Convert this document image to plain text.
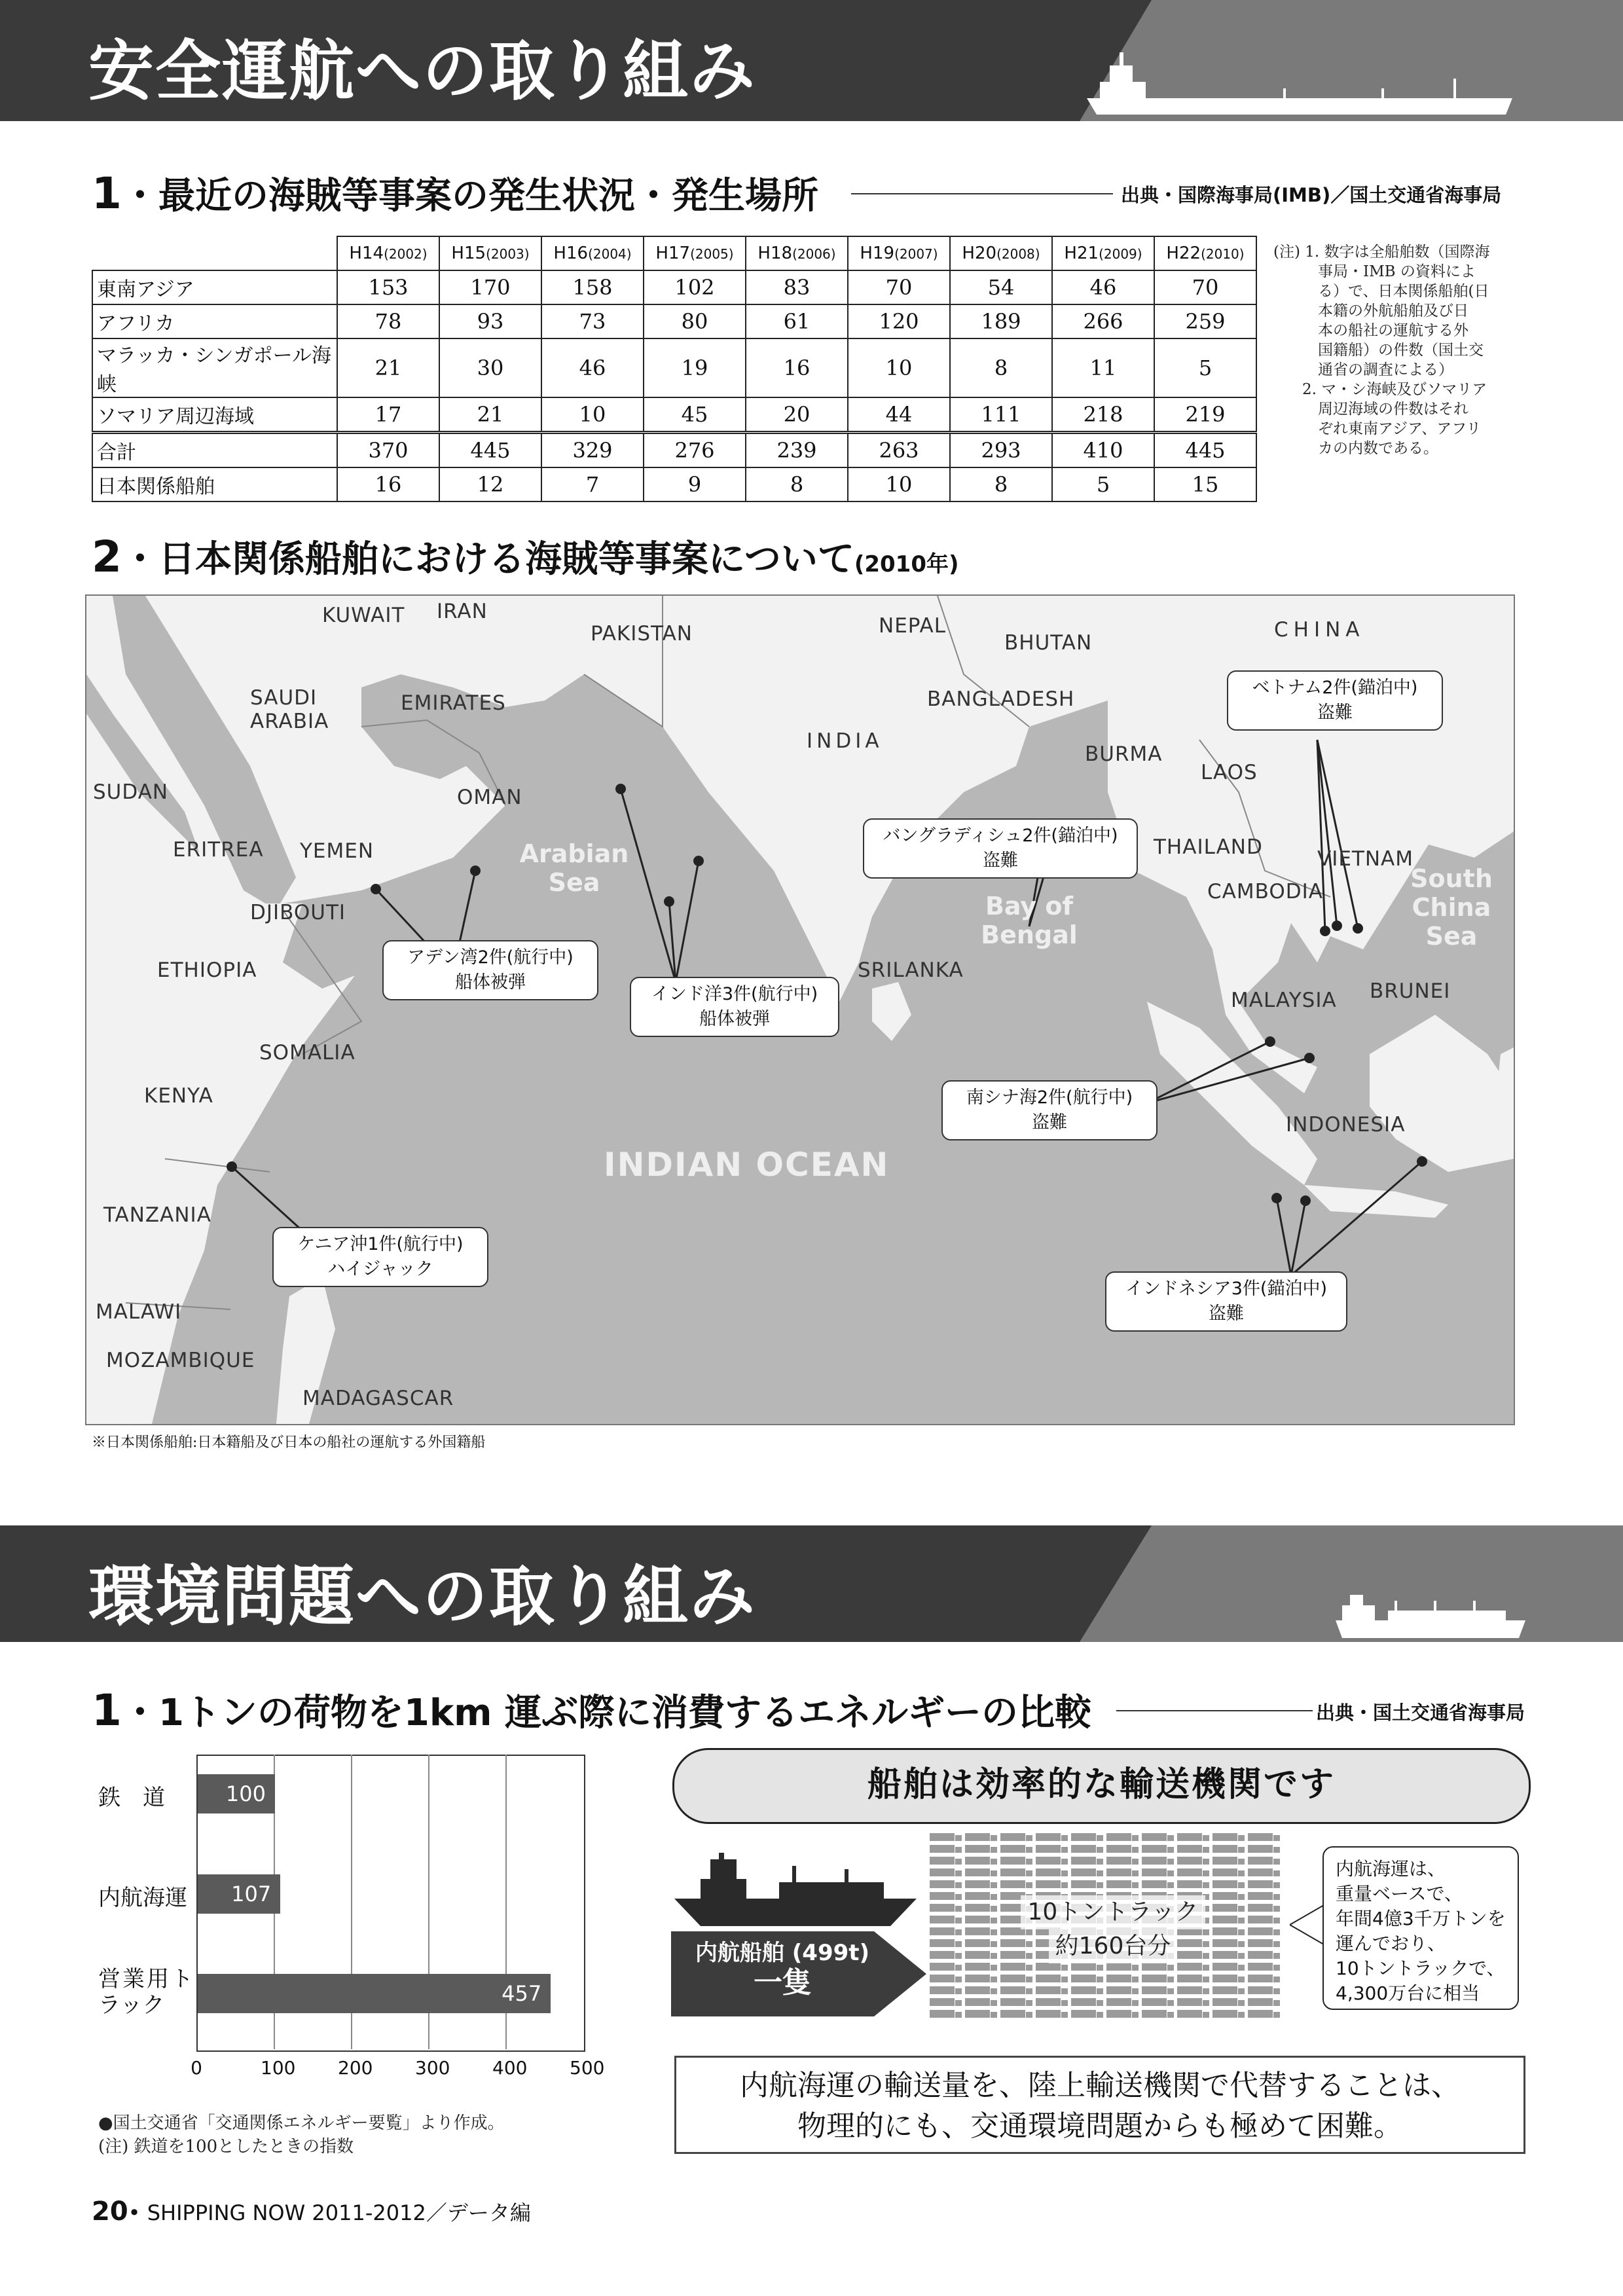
安全運航への取り組み
1・最近の海賊等事案の発生状況・発生場所	出典・国際海事局(IMB)／国土交通省海事局
	H14(2002)	H15(2003)	H16(2004)	H17(2005)	H18(2006)	H19(2007)	H20(2008)	H21(2009)	H22(2010)
東南アジア	153	170	158	102	83	70	54	46	70
アフリカ	78	93	73	80	61	120	189	266	259
マラッカ・シンガポール海峡	21	30	46	19	16	10	8	11	5
ソマリア周辺海域	17	21	10	45	20	44	111	218	219
合計	370	445	329	276	239	263	293	410	445
日本関係船舶	16	12	7	9	8	10	8	5	15
(注) 1. 数字は全船舶数（国際海
事局・IMB の資料によ
る）で、日本関係船舶(日
本籍の外航船舶及び日
本の船社の運航する外
国籍船）の件数（国土交
通省の調査による）
2. マ・シ海峡及びソマリア
周辺海域の件数はそれ
ぞれ東南アジア、アフリ
カの内数である。
2・日本関係船舶における海賊等事案について(2010年)
KUWAIT IRAN
PAKISTAN	NEPAL
BHUTAN
CHINA
SAUDI ARABIA
EMIRATES	BANGLADESH
INDIA
BURMA
LAOS
SUDAN	OMAN
ERITREA YEMEN	THAILAND	VIETNAM
CAMBODIA
DJIBOUTI
ETHIOPIA	SRILANKA
MALAYSIA BRUNEI
SOMALIA
KENYA
INDONESIA
TANZANIA
MALAWI
MOZAMBIQUE
MADAGASCAR
Arabian Sea
Bay of Bengal
South China Sea
INDIAN OCEAN
ベトナム2件(錨泊中)
盗難
バングラディシュ2件(錨泊中)
盗難
アデン湾2件(航行中)
船体被弾
インド洋3件(航行中)
船体被弾
南シナ海2件(航行中)
盗難
ケニア沖1件(航行中)
ハイジャック
インドネシア3件(錨泊中)
盗難
※日本関係船舶:日本籍船及び日本の船社の運航する外国籍船
環境問題への取り組み
1・1トンの荷物を1km 運ぶ際に消費するエネルギーの比較	出典・国土交通省海事局
100
鉄　道
107
内航海運
457
営業用トラック
0	100 200 300 400 500
●国土交通省「交通関係エネルギー要覧」より作成。
(注) 鉄道を100としたときの指数
船舶は効率的な輸送機関です
内航船舶 (499t)
一隻
10トントラック
約160台分
内航海運は、
重量ベースで、
年間4億3千万トンを
運んでおり、
10トントラックで、
4,300万台に相当
内航海運の輸送量を、陸上輸送機関で代替することは、
物理的にも、交通環境問題からも極めて困難。
20• SHIPPING NOW 2011-2012／データ編
